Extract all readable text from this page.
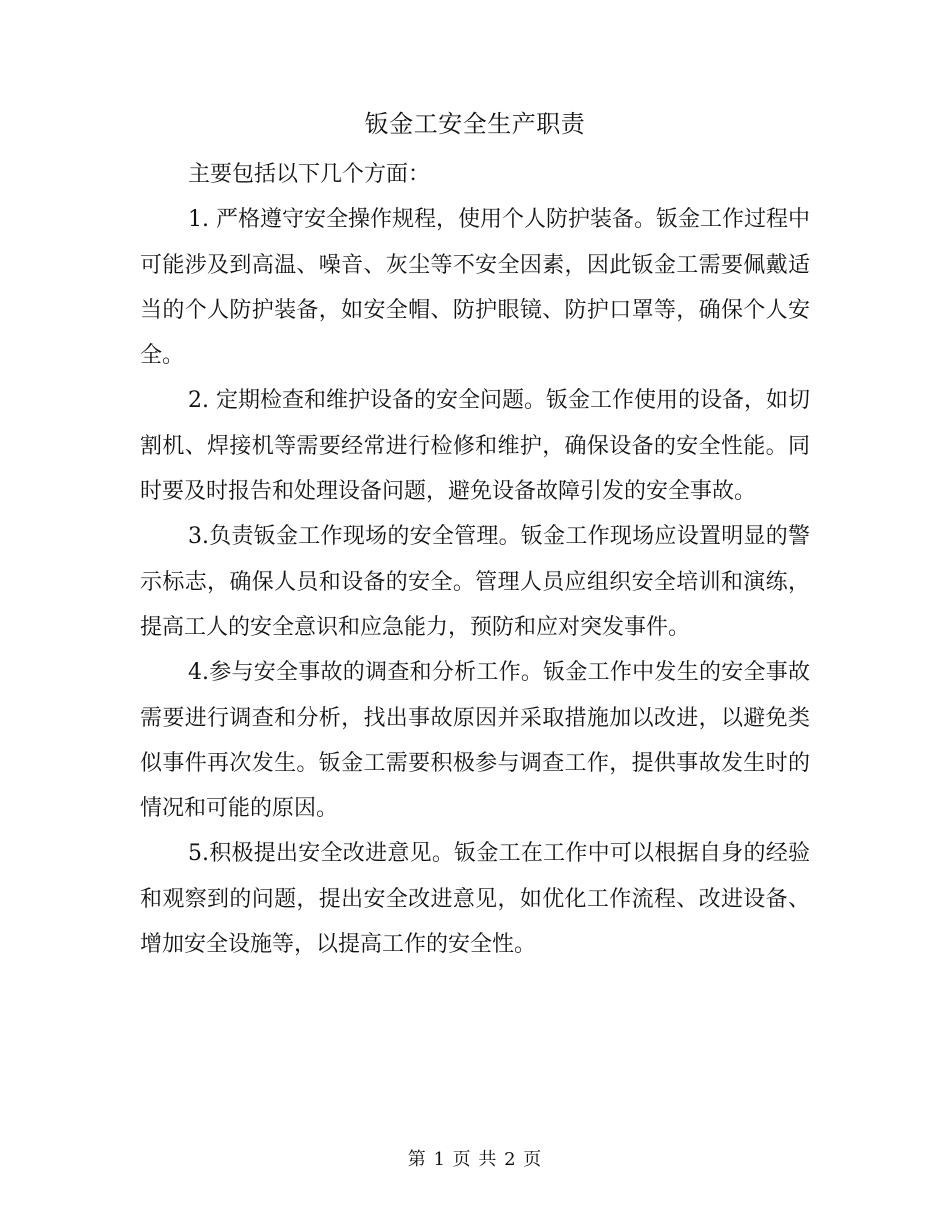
钣金工安全生产职责

主要包括以下几个方面：

1. 严格遵守安全操作规程，使用个人防护装备。钣金工作过程中可能涉及到高温、噪音、灰尘等不安全因素，因此钣金工需要佩戴适当的个人防护装备，如安全帽、防护眼镜、防护口罩等，确保个人安全。

2. 定期检查和维护设备的安全问题。钣金工作使用的设备，如切割机、焊接机等需要经常进行检修和维护，确保设备的安全性能。同时要及时报告和处理设备问题，避免设备故障引发的安全事故。

3.负责钣金工作现场的安全管理。钣金工作现场应设置明显的警示标志，确保人员和设备的安全。管理人员应组织安全培训和演练，提高工人的安全意识和应急能力，预防和应对突发事件。

4.参与安全事故的调查和分析工作。钣金工作中发生的安全事故需要进行调查和分析，找出事故原因并采取措施加以改进，以避免类似事件再次发生。钣金工需要积极参与调查工作，提供事故发生时的情况和可能的原因。

5.积极提出安全改进意见。钣金工在工作中可以根据自身的经验和观察到的问题，提出安全改进意见，如优化工作流程、改进设备、增加安全设施等，以提高工作的安全性。

第 1 页 共 2 页
